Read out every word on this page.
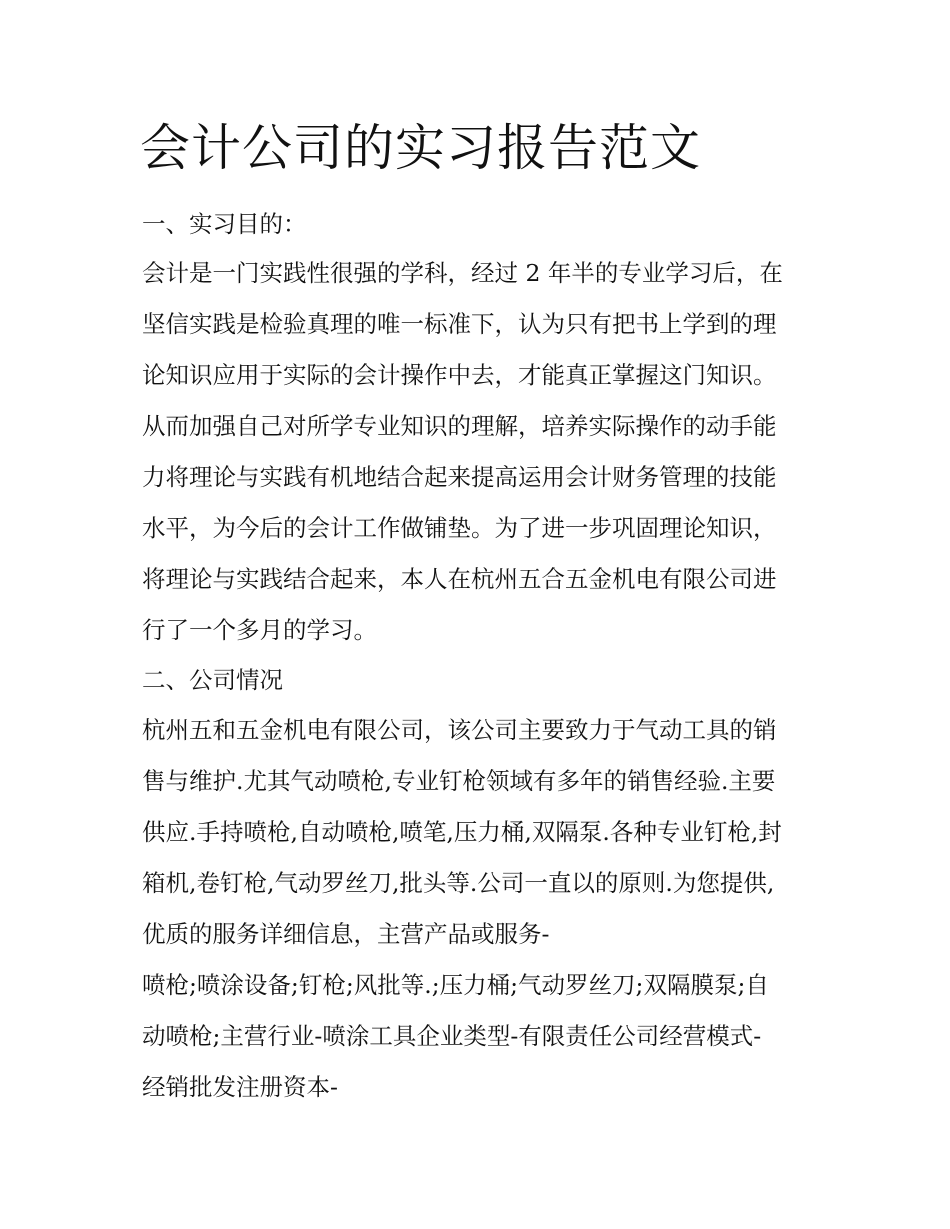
会计公司的实习报告范文

一、实习目的：

会计是一门实践性很强的学科，经过 2 年半的专业学习后，在

坚信实践是检验真理的唯一标准下，认为只有把书上学到的理

论知识应用于实际的会计操作中去，才能真正掌握这门知识。

从而加强自己对所学专业知识的理解，培养实际操作的动手能

力将理论与实践有机地结合起来提高运用会计财务管理的技能

水平，为今后的会计工作做铺垫。为了进一步巩固理论知识，

将理论与实践结合起来，本人在杭州五合五金机电有限公司进

行了一个多月的学习。

二、公司情况

杭州五和五金机电有限公司，该公司主要致力于气动工具的销

售与维护.尤其气动喷枪,专业钉枪领域有多年的销售经验.主要

供应.手持喷枪,自动喷枪,喷笔,压力桶,双隔泵.各种专业钉枪,封

箱机,卷钉枪,气动罗丝刀,批头等.公司一直以的原则.为您提供,

优质的服务详细信息，主营产品或服务-

喷枪;喷涂设备;钉枪;风批等.;压力桶;气动罗丝刀;双隔膜泵;自

动喷枪;主营行业-喷涂工具企业类型-有限责任公司经营模式-

经销批发注册资本-
